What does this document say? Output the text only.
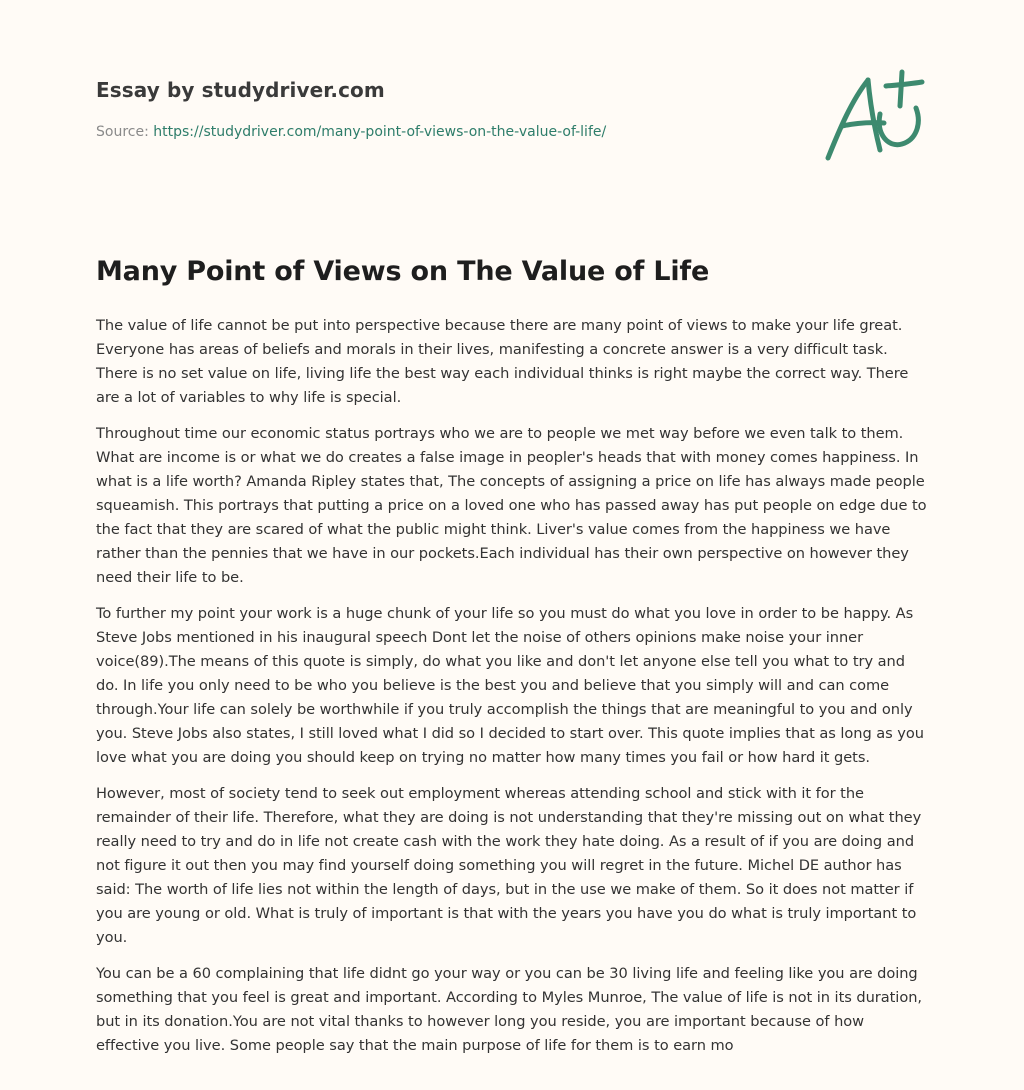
Essay by studydriver.com
Source: https://studydriver.com/many-point-of-views-on-the-value-of-life/
Many Point of Views on The Value of Life

The value of life cannot be put into perspective because there are many point of views to make your life great. Everyone has areas of beliefs and morals in their lives, manifesting a concrete answer is a very difficult task. There is no set value on life, living life the best way each individual thinks is right maybe the correct way. There are a lot of variables to why life is special.

Throughout time our economic status portrays who we are to people we met way before we even talk to them. What are income is or what we do creates a false image in peopler's heads that with money comes happiness. In what is a life worth? Amanda Ripley states that, The concepts of assigning a price on life has always made people squeamish. This portrays that putting a price on a loved one who has passed away has put people on edge due to the fact that they are scared of what the public might think. Liver's value comes from the happiness we have rather than the pennies that we have in our pockets.Each individual has their own perspective on however they need their life to be.

To further my point your work is a huge chunk of your life so you must do what you love in order to be happy. As Steve Jobs mentioned in his inaugural speech Dont let the noise of others opinions make noise your inner voice(89).The means of this quote is simply, do what you like and don't let anyone else tell you what to try and do. In life you only need to be who you believe is the best you and believe that you simply will and can come through.Your life can solely be worthwhile if you truly accomplish the things that are meaningful to you and only you. Steve Jobs also states, I still loved what I did so I decided to start over. This quote implies that as long as you love what you are doing you should keep on trying no matter how many times you fail or how hard it gets.

However, most of society tend to seek out employment whereas attending school and stick with it for the remainder of their life. Therefore, what they are doing is not understanding that they're missing out on what they really need to try and do in life not create cash with the work they hate doing. As a result of if you are doing and not figure it out then you may find yourself doing something you will regret in the future. Michel DE author has said: The worth of life lies not within the length of days, but in the use we make of them. So it does not matter if you are young or old. What is truly of important is that with the years you have you do what is truly important to you.

You can be a 60 complaining that life didnt go your way or you can be 30 living life and feeling like you are doing something that you feel is great and important. According to Myles Munroe, The value of life is not in its duration, but in its donation.You are not vital thanks to however long you reside, you are important because of how effective you live. Some people say that the main purpose of life for them is to earn mo
